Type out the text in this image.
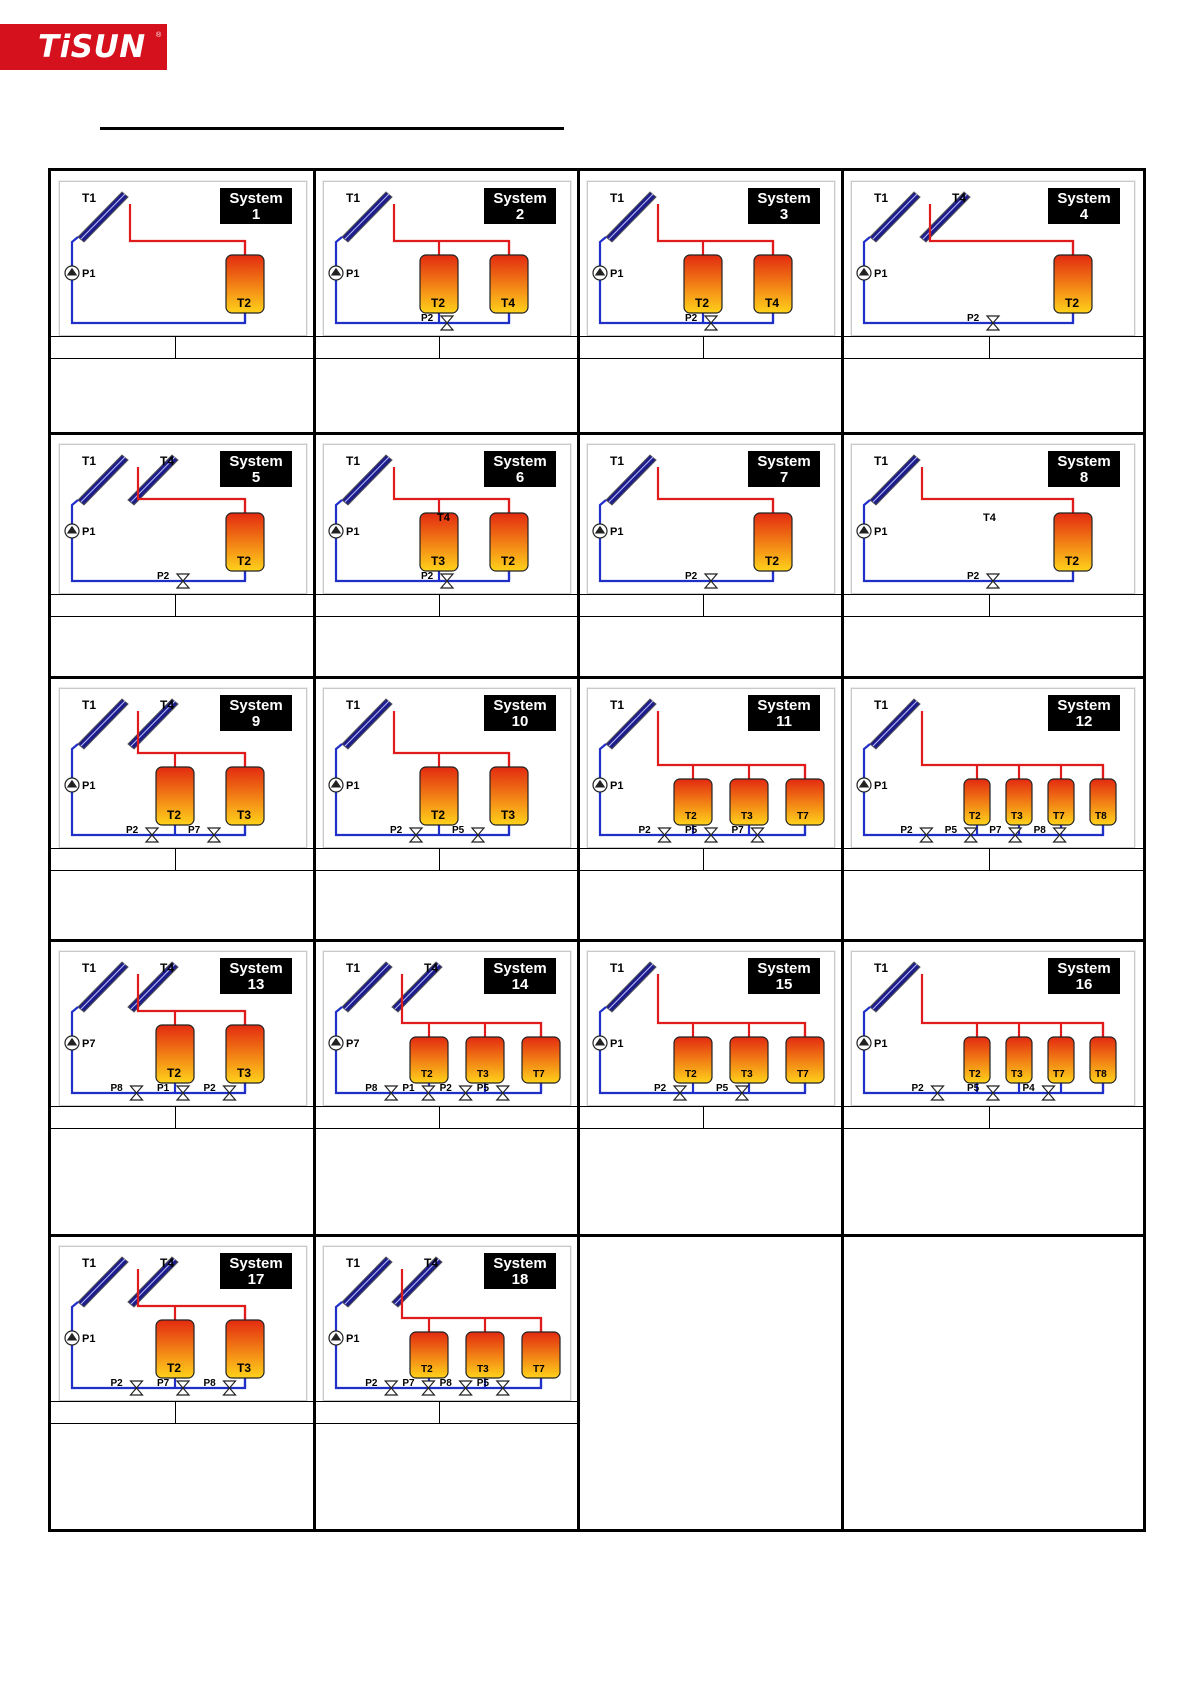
TiSUN ®
T1
T2
P1
System
1
T1
T2	T4
P1
P2
System
2
T1
T2	T4
P1
P2
System
3
T1	T4
T2
P1
P2
System
4
T1	T4
T2
P1
P2
System
5
T1
T3	T2
P1
P2
T4
System
6
T1
T2
P1
P2
System
7
T1
T2
P1
P2
T4
System
8
T1	T4
T2	T3
P1
P2	P7
System
9
T1
T2	T3
P1
P2	P5
System
10
T1
T2	T3	T7
P1
P2	P5	P7
System
11
T1
T2	T3	T7	T8
P1
P2	P5	P7	P8
System
12
T1	T4
T2	T3
P7
P8	P1	P2
System
13
T1	T4
T2	T3	T7
P7
P8 P1 P2 P5
System
14
T1
T2	T3	T7
P1
P2	P5
System
15
T1
T2	T3	T7	T8
P1
P2	P5	P4
System
16
T1	T4
T2	T3
P1
P2	P7	P8
System
17
T1	T4
T2	T3	T7
P1
P2 P7 P8 P5
System
18
